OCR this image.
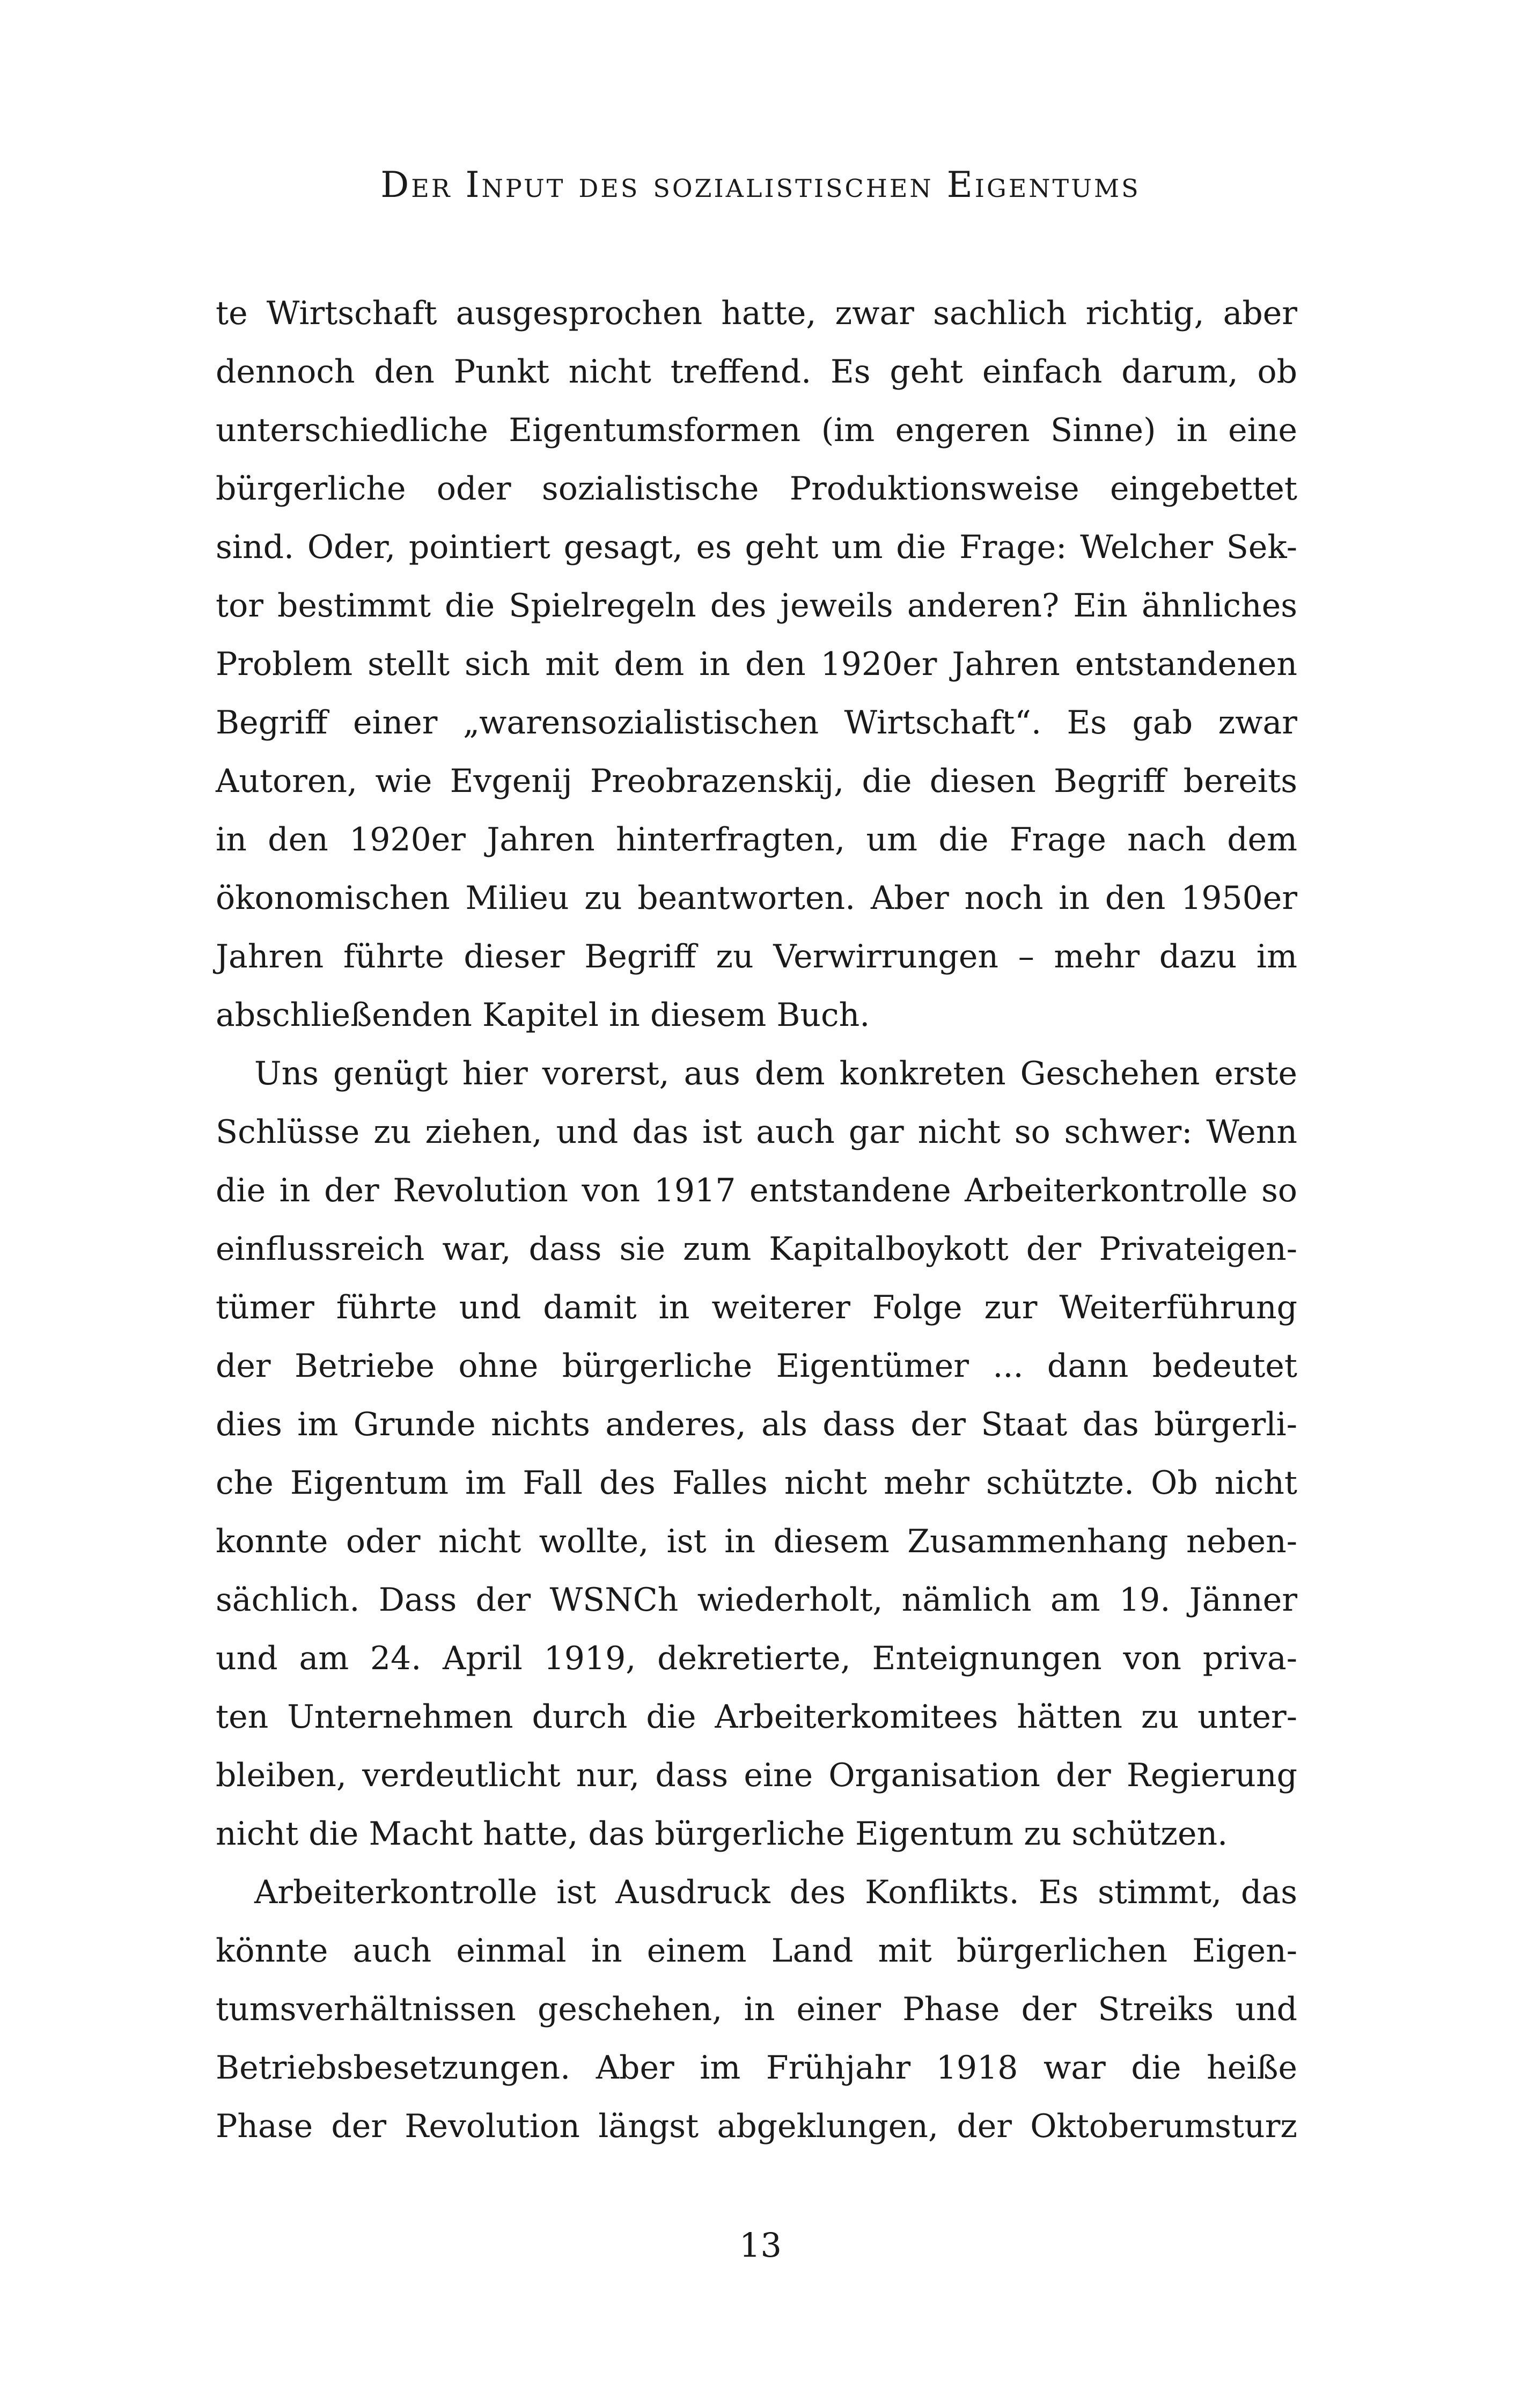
Der Input des sozialistischen Eigentums

te Wirtschaft ausgesprochen hatte, zwar sachlich richtig, aber
dennoch den Punkt nicht treffend. Es geht einfach darum, ob
unterschiedliche Eigentumsformen (im engeren Sinne) in eine
bürgerliche oder sozialistische Produktionsweise eingebettet
sind. Oder, pointiert gesagt, es geht um die Frage: Welcher Sek-
tor bestimmt die Spielregeln des jeweils anderen? Ein ähnliches
Problem stellt sich mit dem in den 1920er Jahren entstandenen
Begriff einer „warensozialistischen Wirtschaft“. Es gab zwar
Autoren, wie Evgenij Preobrazenskij, die diesen Begriff bereits
in den 1920er Jahren hinterfragten, um die Frage nach dem
ökonomischen Milieu zu beantworten. Aber noch in den 1950er
Jahren führte dieser Begriff zu Verwirrungen – mehr dazu im
abschließenden Kapitel in diesem Buch.

Uns genügt hier vorerst, aus dem konkreten Geschehen erste
Schlüsse zu ziehen, und das ist auch gar nicht so schwer: Wenn
die in der Revolution von 1917 entstandene Arbeiterkontrolle so
einflussreich war, dass sie zum Kapitalboykott der Privateigen-
tümer führte und damit in weiterer Folge zur Weiterführung
der Betriebe ohne bürgerliche Eigentümer ... dann bedeutet
dies im Grunde nichts anderes, als dass der Staat das bürgerli-
che Eigentum im Fall des Falles nicht mehr schützte. Ob nicht
konnte oder nicht wollte, ist in diesem Zusammenhang neben-
sächlich. Dass der WSNCh wiederholt, nämlich am 19. Jänner
und am 24. April 1919, dekretierte, Enteignungen von priva-
ten Unternehmen durch die Arbeiterkomitees hätten zu unter-
bleiben, verdeutlicht nur, dass eine Organisation der Regierung
nicht die Macht hatte, das bürgerliche Eigentum zu schützen.

Arbeiterkontrolle ist Ausdruck des Konflikts. Es stimmt, das
könnte auch einmal in einem Land mit bürgerlichen Eigen-
tumsverhältnissen geschehen, in einer Phase der Streiks und
Betriebsbesetzungen. Aber im Frühjahr 1918 war die heiße
Phase der Revolution längst abgeklungen, der Oktoberumsturz

13
